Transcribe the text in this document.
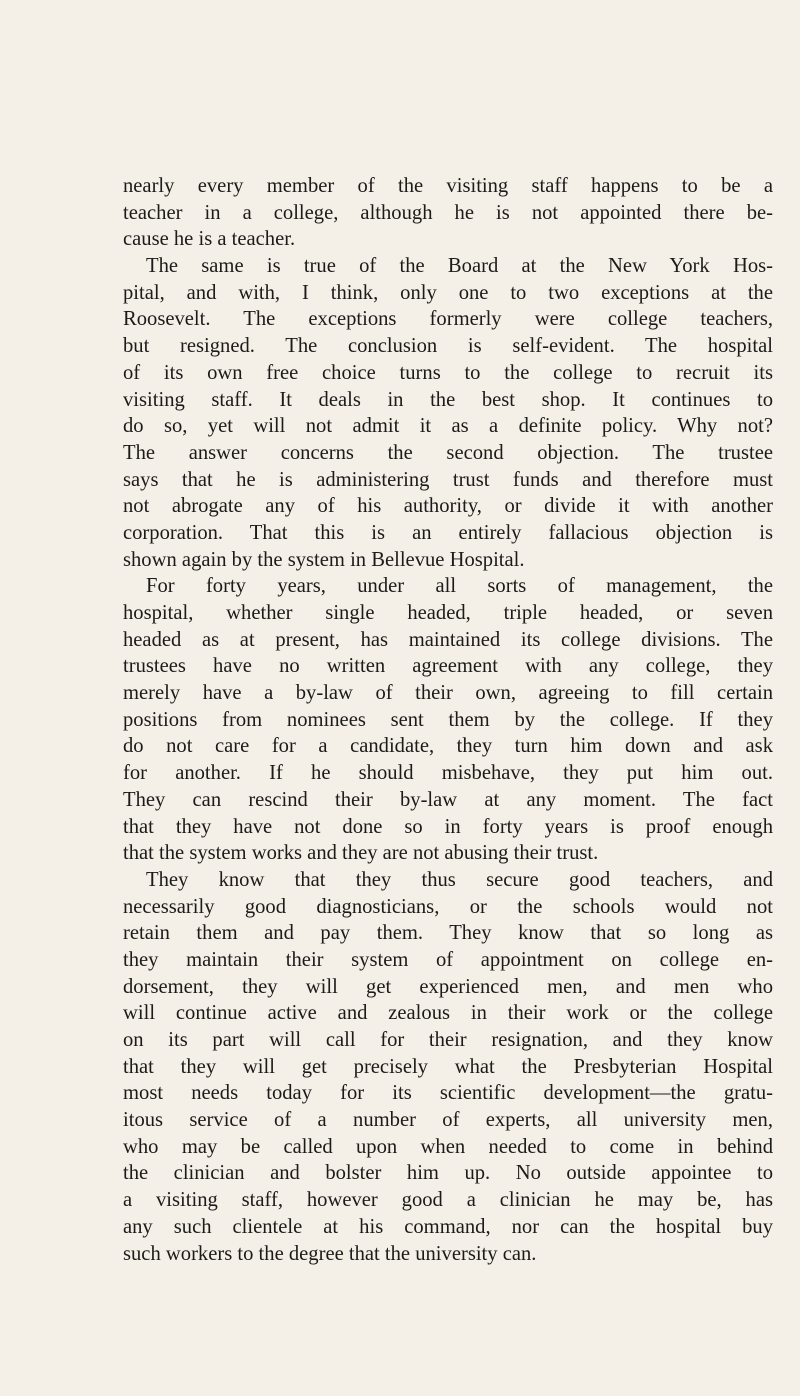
nearly every member of the visiting staff happens to be a
teacher in a college, although he is not appointed there be-
cause he is a teacher.
The same is true of the Board at the New York Hos-
pital, and with, I think, only one to two exceptions at the
Roosevelt. The exceptions formerly were college teachers,
but resigned. The conclusion is self-evident. The hospital
of its own free choice turns to the college to recruit its
visiting staff. It deals in the best shop. It continues to
do so, yet will not admit it as a definite policy. Why not?
The answer concerns the second objection. The trustee
says that he is administering trust funds and therefore must
not abrogate any of his authority, or divide it with another
corporation. That this is an entirely fallacious objection is
shown again by the system in Bellevue Hospital.
For forty years, under all sorts of management, the
hospital, whether single headed, triple headed, or seven
headed as at present, has maintained its college divisions. The
trustees have no written agreement with any college, they
merely have a by-law of their own, agreeing to fill certain
positions from nominees sent them by the college. If they
do not care for a candidate, they turn him down and ask
for another. If he should misbehave, they put him out.
They can rescind their by-law at any moment. The fact
that they have not done so in forty years is proof enough
that the system works and they are not abusing their trust.
They know that they thus secure good teachers, and
necessarily good diagnosticians, or the schools would not
retain them and pay them. They know that so long as
they maintain their system of appointment on college en-
dorsement, they will get experienced men, and men who
will continue active and zealous in their work or the college
on its part will call for their resignation, and they know
that they will get precisely what the Presbyterian Hospital
most needs today for its scientific development—the gratu-
itous service of a number of experts, all university men,
who may be called upon when needed to come in behind
the clinician and bolster him up. No outside appointee to
a visiting staff, however good a clinician he may be, has
any such clientele at his command, nor can the hospital buy
such workers to the degree that the university can.
